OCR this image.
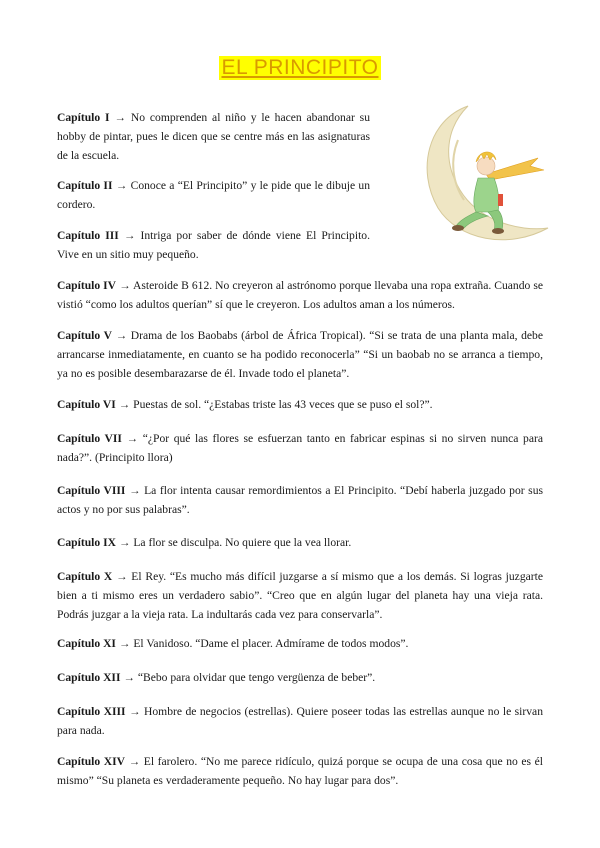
EL PRINCIPITO
Capítulo I → No comprenden al niño y le hacen abandonar su hobby de pintar, pues le dicen que se centre más en las asignaturas de la escuela.
Capítulo II → Conoce a “El Principito” y le pide que le dibuje un cordero.
Capítulo III → Intriga por saber de dónde viene El Principito. Vive en un sitio muy pequeño.
Capítulo IV → Asteroide B 612. No creyeron al astrónomo porque llevaba una ropa extraña. Cuando se vistió “como los adultos querían” sí que le creyeron. Los adultos aman a los números.
Capítulo V → Drama de los Baobabs (árbol de África Tropical). “Si se trata de una planta mala, debe arrancarse inmediatamente, en cuanto se ha podido reconocerla” “Si un baobab no se arranca a tiempo, ya no es posible desembarazarse de él. Invade todo el planeta”.
Capítulo VI → Puestas de sol. “¿Estabas triste las 43 veces que se puso el sol?”.
Capítulo VII → “¿Por qué las flores se esfuerzan tanto en fabricar espinas si no sirven nunca para nada?”. (Principito llora)
Capítulo VIII → La flor intenta causar remordimientos a El Principito. “Debí haberla juzgado por sus actos y no por sus palabras”.
Capítulo IX → La flor se disculpa. No quiere que la vea llorar.
Capítulo X → El Rey. “Es mucho más difícil juzgarse a sí mismo que a los demás. Si logras juzgarte bien a ti mismo eres un verdadero sabio”. “Creo que en algún lugar del planeta hay una vieja rata. Podrás juzgar a la vieja rata. La indultarás cada vez para conservarla”.
Capítulo XI → El Vanidoso. “Dame el placer. Admírame de todos modos”.
Capítulo XII → “Bebo para olvidar que tengo vergüenza de beber”.
Capítulo XIII → Hombre de negocios (estrellas). Quiere poseer todas las estrellas aunque no le sirvan para nada.
Capítulo XIV → El farolero. “No me parece ridículo, quizá porque se ocupa de una cosa que no es él mismo” “Su planeta es verdaderamente pequeño. No hay lugar para dos”.
